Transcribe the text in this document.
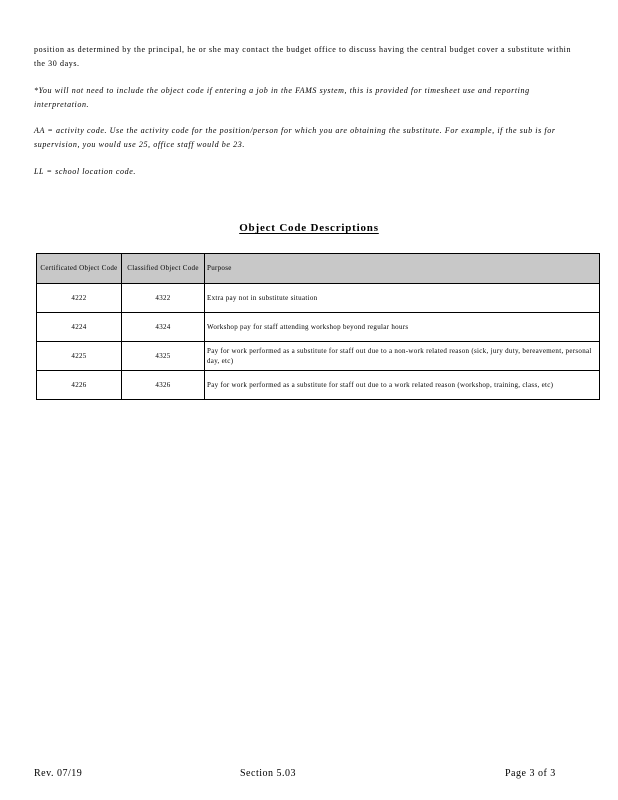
position as determined by the principal, he or she may contact the budget office to discuss having the central budget cover a substitute within the 30 days.

*You will not need to include the object code if entering a job in the FAMS system, this is provided for timesheet use and reporting interpretation.

AA = activity code. Use the activity code for the position/person for which you are obtaining the substitute. For example, if the sub is for supervision, you would use 25, office staff would be 23.

LL = school location code.

Object Code Descriptions
Certificated Object Code	Classified Object Code	Purpose
4222	4322	Extra pay not in substitute situation
4224	4324	Workshop pay for staff attending workshop beyond regular hours
4225	4325	Pay for work performed as a substitute for staff out due to a non-work related reason (sick, jury duty, bereavement, personal day, etc)
4226	4326	Pay for work performed as a substitute for staff out due to a work related reason (workshop, training, class, etc)

Rev. 07/19	Section 5.03	Page 3 of 3
